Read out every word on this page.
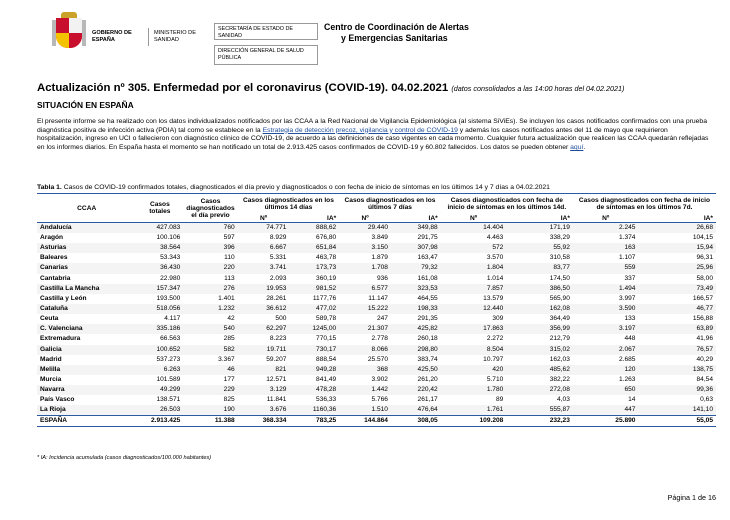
GOBIERNO DE ESPAÑA
MINISTERIO DE SANIDAD
SECRETARÍA DE ESTADO DE SANIDAD
DIRECCIÓN GENERAL DE SALUD PÚBLICA
Centro de Coordinación de Alertas
y Emergencias Sanitarias
Actualización nº 305. Enfermedad por el coronavirus (COVID-19). 04.02.2021 (datos consolidados a las 14:00 horas del 04.02.2021)
SITUACIÓN EN ESPAÑA
El presente informe se ha realizado con los datos individualizados notificados por las CCAA a la Red Nacional de Vigilancia Epidemiológica (al sistema SiViEs). Se incluyen los casos notificados confirmados con una prueba diagnóstica positiva de infección activa (PDIA) tal como se establece en la Estrategia de detección precoz, vigilancia y control de COVID-19 y además los casos notificados antes del 11 de mayo que requirieron hospitalización, ingreso en UCI o fallecieron con diagnóstico clínico de COVID-19, de acuerdo a las definiciones de caso vigentes en cada momento. Cualquier futura actualización que realicen las CCAA quedarán reflejadas en los informes diarios. En España hasta el momento se han notificado un total de 2.913.425 casos confirmados de COVID-19 y 60.802 fallecidos. Los datos se pueden obtener aquí.
Tabla 1. Casos de COVID-19 confirmados totales, diagnosticados el día previo y diagnosticados o con fecha de inicio de síntomas en los últimos 14 y 7 días a 04.02.2021
CCAA	Casos totales	Casos diagnosticados el día previo	Casos diagnosticados en los últimos 14 días		Casos diagnosticados en los últimos 7 días		Casos diagnosticados con fecha de inicio de síntomas en los últimos 14d.		Casos diagnosticados con fecha de inicio de síntomas en los últimos 7d.	
			Nº	IA*	Nº	IA*	Nº	IA*	Nº	IA*
Andalucía	427.083	760	74.771	888,62	29.440	349,88	14.404	171,19	2.245	26,68
Aragón	100.106	597	8.929	676,80	3.849	291,75	4.463	338,29	1.374	104,15
Asturias	38.564	396	6.667	651,84	3.150	307,98	572	55,92	163	15,94
Baleares	53.343	110	5.331	463,78	1.879	163,47	3.570	310,58	1.107	96,31
Canarias	36.430	220	3.741	173,73	1.708	79,32	1.804	83,77	559	25,96
Cantabria	22.980	113	2.093	360,19	936	161,08	1.014	174,50	337	58,00
Castilla La Mancha	157.347	276	19.953	981,52	6.577	323,53	7.857	386,50	1.494	73,49
Castilla y León	193.500	1.401	28.261	1177,76	11.147	464,55	13.579	565,90	3.997	166,57
Cataluña	518.056	1.232	36.612	477,02	15.222	198,33	12.440	162,08	3.590	46,77
Ceuta	4.117	42	500	589,78	247	291,35	309	364,49	133	156,88
C. Valenciana	335.186	540	62.297	1245,00	21.307	425,82	17.863	356,99	3.197	63,89
Extremadura	66.563	285	8.223	770,15	2.778	260,18	2.272	212,79	448	41,96
Galicia	100.652	582	19.711	730,17	8.066	298,80	8.504	315,02	2.067	76,57
Madrid	537.273	3.367	59.207	888,54	25.570	383,74	10.797	162,03	2.685	40,29
Melilla	6.263	46	821	949,28	368	425,50	420	485,62	120	138,75
Murcia	101.589	177	12.571	841,49	3.902	261,20	5.710	382,22	1.263	84,54
Navarra	49.299	229	3.129	478,28	1.442	220,42	1.780	272,08	650	99,36
País Vasco	138.571	825	11.841	536,33	5.766	261,17	89	4,03	14	0,63
La Rioja	26.503	190	3.676	1160,36	1.510	476,64	1.761	555,87	447	141,10
ESPAÑA	2.913.425	11.388	368.334	783,25	144.864	308,05	109.208	232,23	25.890	55,05
* IA: Incidencia acumulada (casos diagnosticados/100.000 habitantes)
Página 1 de 16
